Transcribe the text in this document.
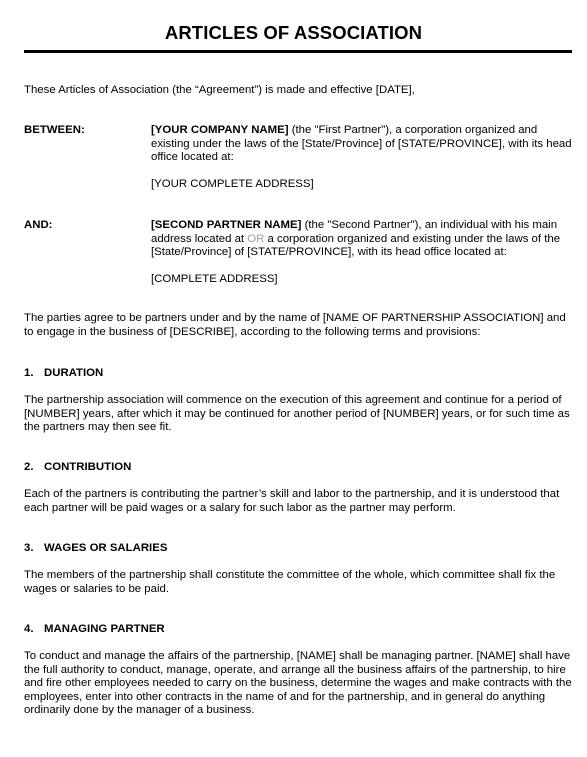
ARTICLES OF ASSOCIATION

These Articles of Association (the “Agreement”) is made and effective [DATE],

BETWEEN:	[YOUR COMPANY NAME] (the "First Partner"), a corporation organized and existing under the laws of the [State/Province] of [STATE/PROVINCE], with its head office located at:

[YOUR COMPLETE ADDRESS]

AND:	[SECOND PARTNER NAME] (the "Second Partner"), an individual with his main address located at OR a corporation organized and existing under the laws of the [State/Province] of [STATE/PROVINCE], with its head office located at:

[COMPLETE ADDRESS]

The parties agree to be partners under and by the name of [NAME OF PARTNERSHIP ASSOCIATION] and to engage in the business of [DESCRIBE], according to the following terms and provisions:

1. DURATION

The partnership association will commence on the execution of this agreement and continue for a period of [NUMBER] years, after which it may be continued for another period of [NUMBER] years, or for such time as the partners may then see fit.

2. CONTRIBUTION

Each of the partners is contributing the partner’s skill and labor to the partnership, and it is understood that each partner will be paid wages or a salary for such labor as the partner may perform.

3. WAGES OR SALARIES

The members of the partnership shall constitute the committee of the whole, which committee shall fix the wages or salaries to be paid.

4. MANAGING PARTNER

To conduct and manage the affairs of the partnership, [NAME] shall be managing partner. [NAME] shall have the full authority to conduct, manage, operate, and arrange all the business affairs of the partnership, to hire and fire other employees needed to carry on the business, determine the wages and make contracts with the employees, enter into other contracts in the name of and for the partnership, and in general do anything ordinarily done by the manager of a business.
